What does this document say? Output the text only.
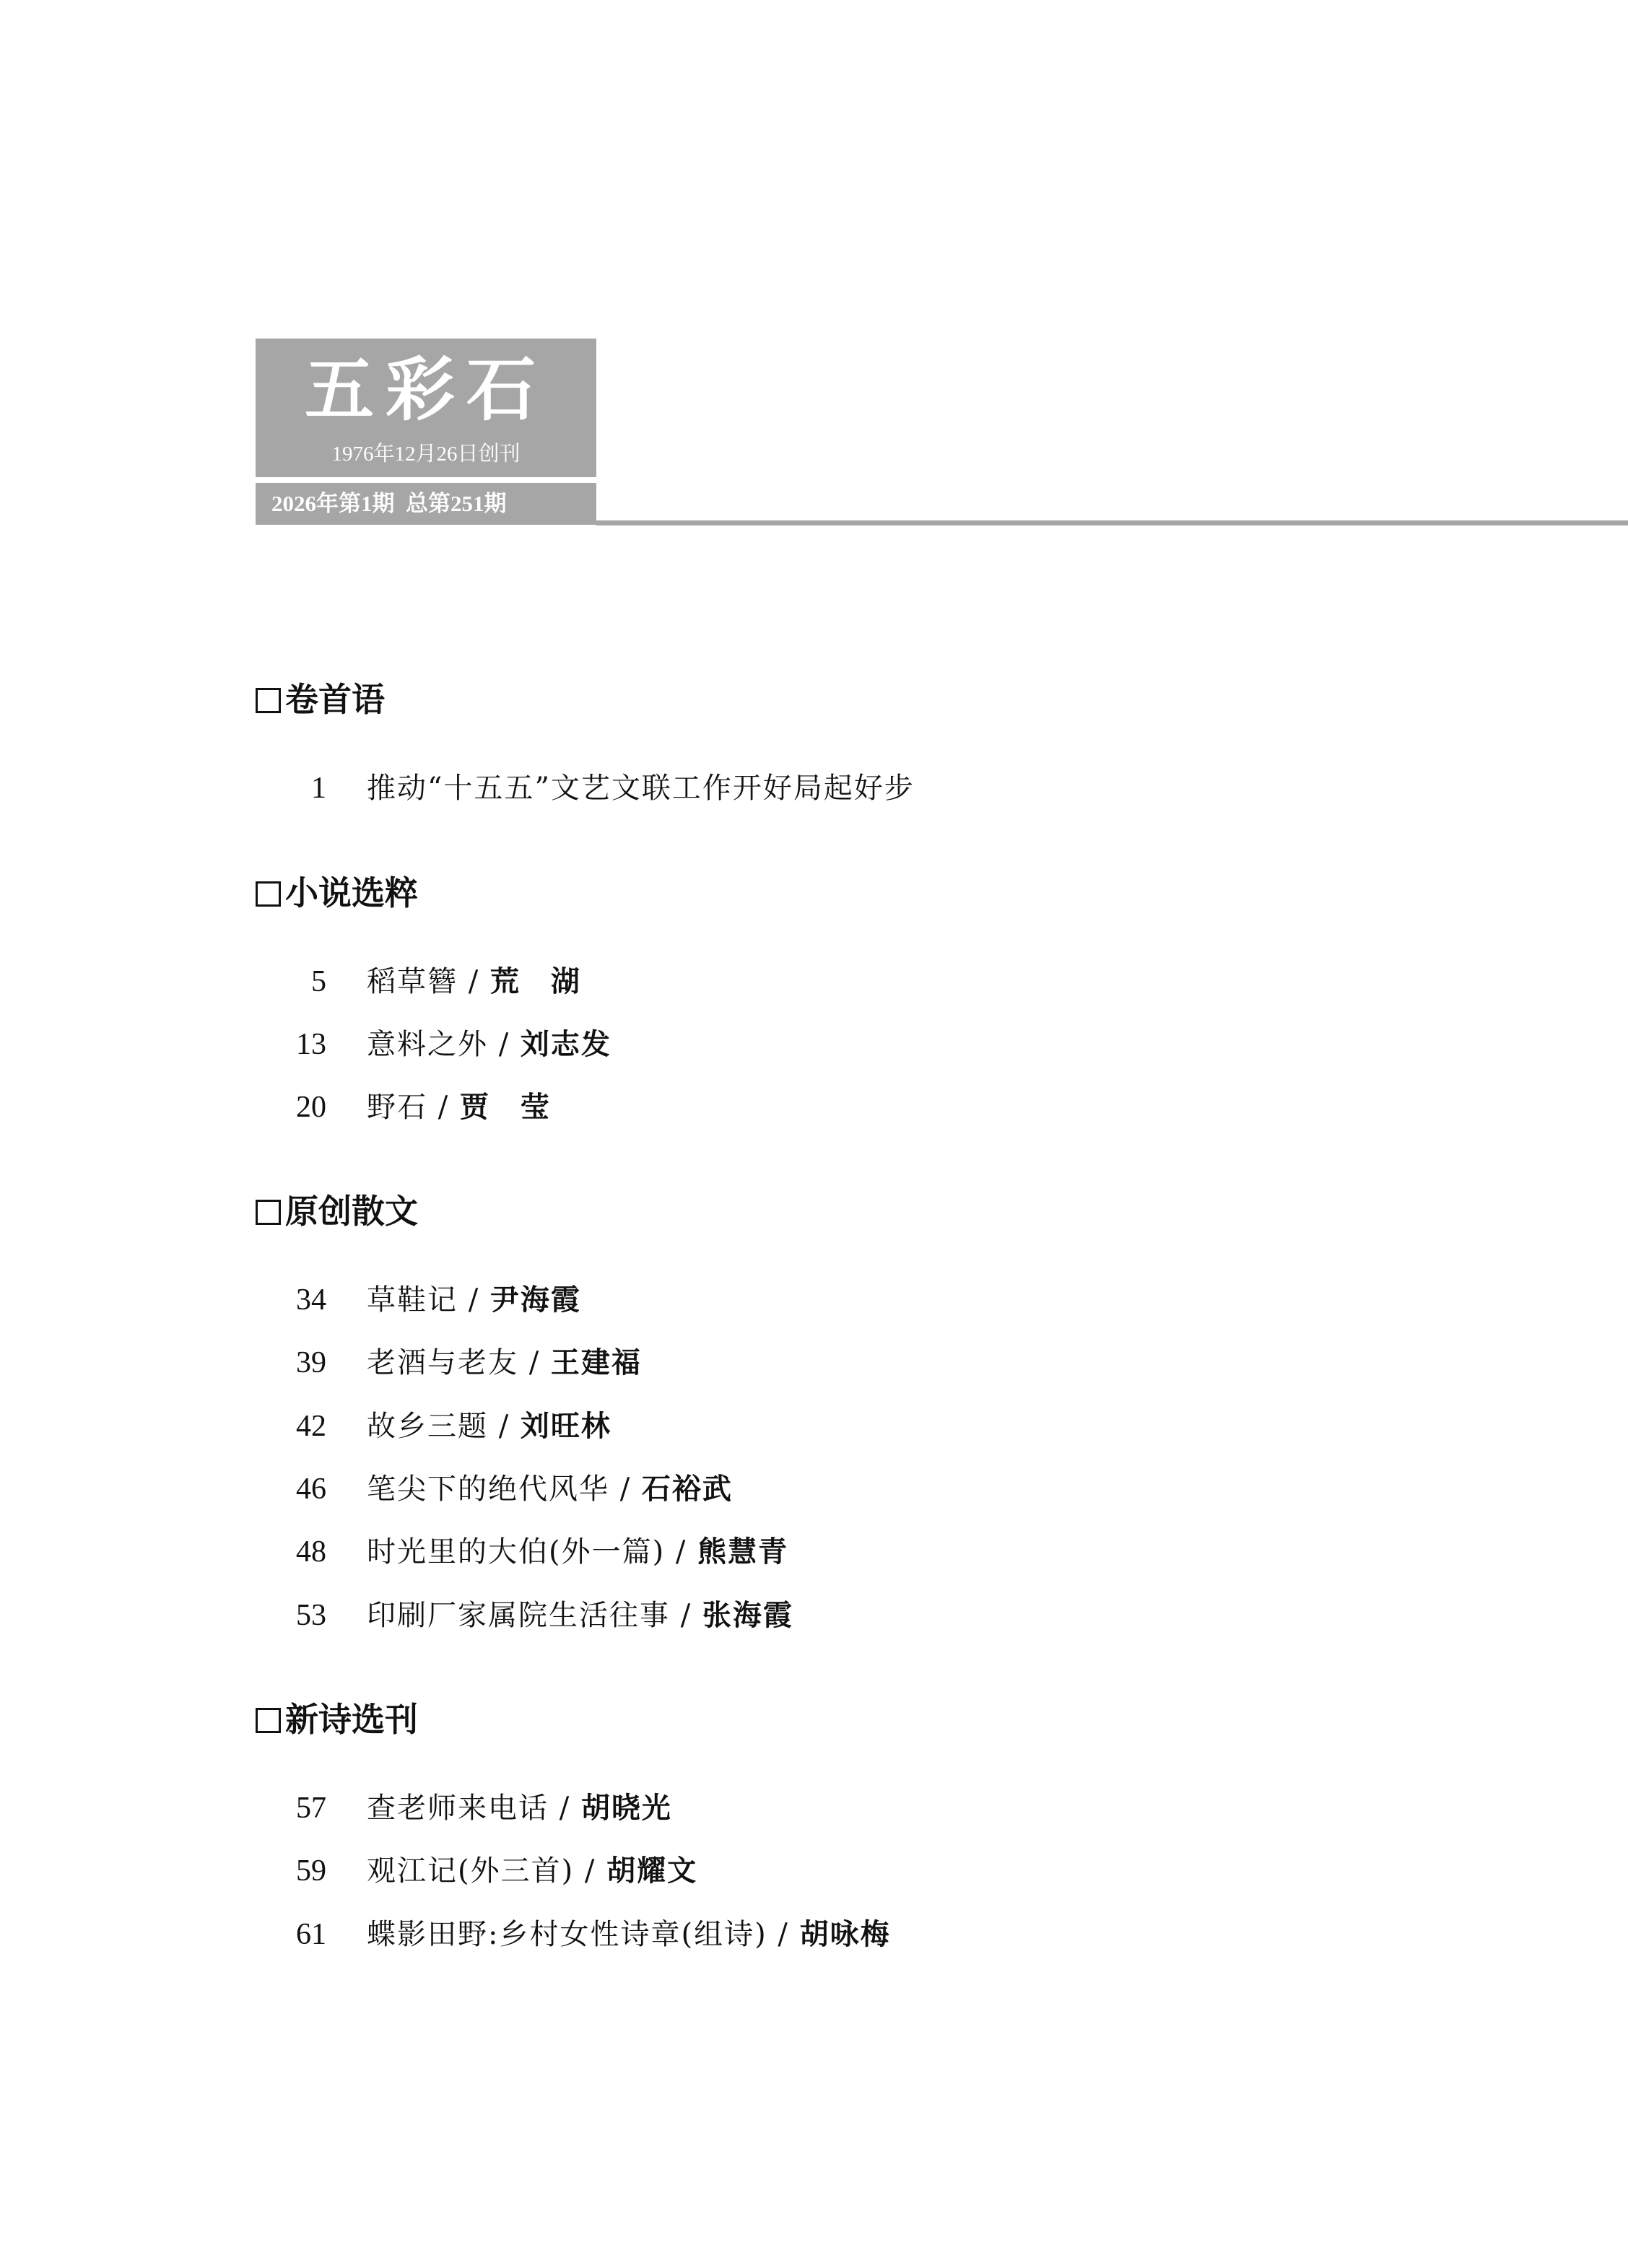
五彩石
1976年12月26日创刊
2026年第1期  总第251期
卷首语
1 推动“十五五”文艺文联工作开好局起好步
小说选粹
5 稻草簪 / 荒　湖
13 意料之外 / 刘志发
20 野石 / 贾　莹
原创散文
34 草鞋记 / 尹海霞
39 老酒与老友 / 王建福
42 故乡三题 / 刘旺林
46 笔尖下的绝代风华 / 石裕武
48 时光里的大伯(外一篇) / 熊慧青
53 印刷厂家属院生活往事 / 张海霞
新诗选刊
57 查老师来电话 / 胡晓光
59 观江记(外三首) / 胡耀文
61 蝶影田野:乡村女性诗章(组诗) / 胡咏梅
